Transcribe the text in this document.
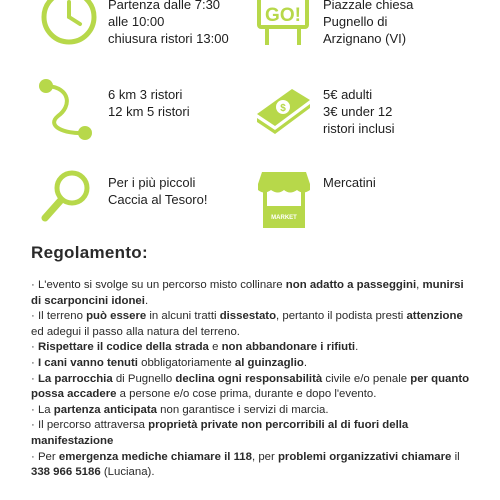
GO!
$
MARKET
Partenza dalle 7:30
alle 10:00
chiusura ristori 13:00
Piazzale chiesa
Pugnello di
Arzignano (VI)
6 km 3 ristori
12 km 5 ristori
5€ adulti
3€ under 12
ristori inclusi
Per i più piccoli
Caccia al Tesoro!
Mercatini
Regolamento:
· L'evento si svolge su un percorso misto collinare non adatto a passeggini, munirsi di scarponcini idonei.
· Il terreno può essere in alcuni tratti dissestato, pertanto il podista presti attenzione ed adegui il passo alla natura del terreno.
· Rispettare il codice della strada e non abbandonare i rifiuti.
· I cani vanno tenuti obbligatoriamente al guinzaglio.
· La parrocchia di Pugnello declina ogni responsabilità civile e/o penale per quanto possa accadere a persone e/o cose prima, durante e dopo l'evento.
· La partenza anticipata non garantisce i servizi di marcia.
· Il percorso attraversa proprietà private non percorribili al di fuori della manifestazione
· Per emergenza mediche chiamare il 118, per problemi organizzativi chiamare il 338 966 5186 (Luciana).
